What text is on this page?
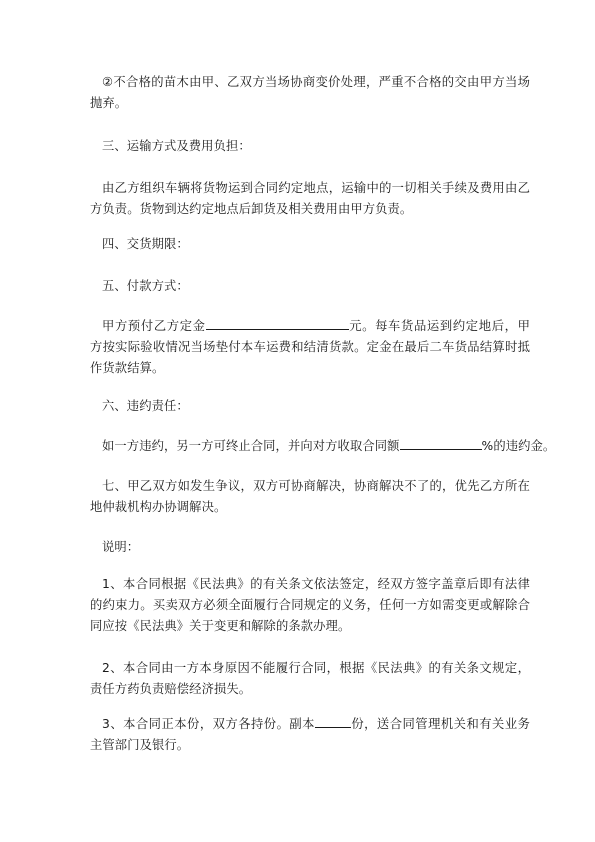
②不合格的苗木由甲、乙双方当场协商变价处理，严重不合格的交由甲方当场抛弃。

三、运输方式及费用负担：

由乙方组织车辆将货物运到合同约定地点，运输中的一切相关手续及费用由乙方负责。货物到达约定地点后卸货及相关费用由甲方负责。

四、交货期限：

五、付款方式：

甲方预付乙方定金	元。每车货品运到约定地后，甲方按实际验收情况当场垫付本车运费和结清货款。定金在最后二车货品结算时抵作货款结算。

六、违约责任：

如一方违约，另一方可终止合同，并向对方收取合同额	%的违约金。

七、甲乙双方如发生争议，双方可协商解决，协商解决不了的，优先乙方所在地仲裁机构办协调解决。

说明：

1、本合同根据《民法典》的有关条文依法签定，经双方签字盖章后即有法律的约束力。买卖双方必须全面履行合同规定的义务，任何一方如需变更或解除合同应按《民法典》关于变更和解除的条款办理。

2、本合同由一方本身原因不能履行合同，根据《民法典》的有关条文规定，责任方药负责赔偿经济损失。

3、本合同正本份，双方各持份。副本	份，送合同管理机关和有关业务主管部门及银行。
